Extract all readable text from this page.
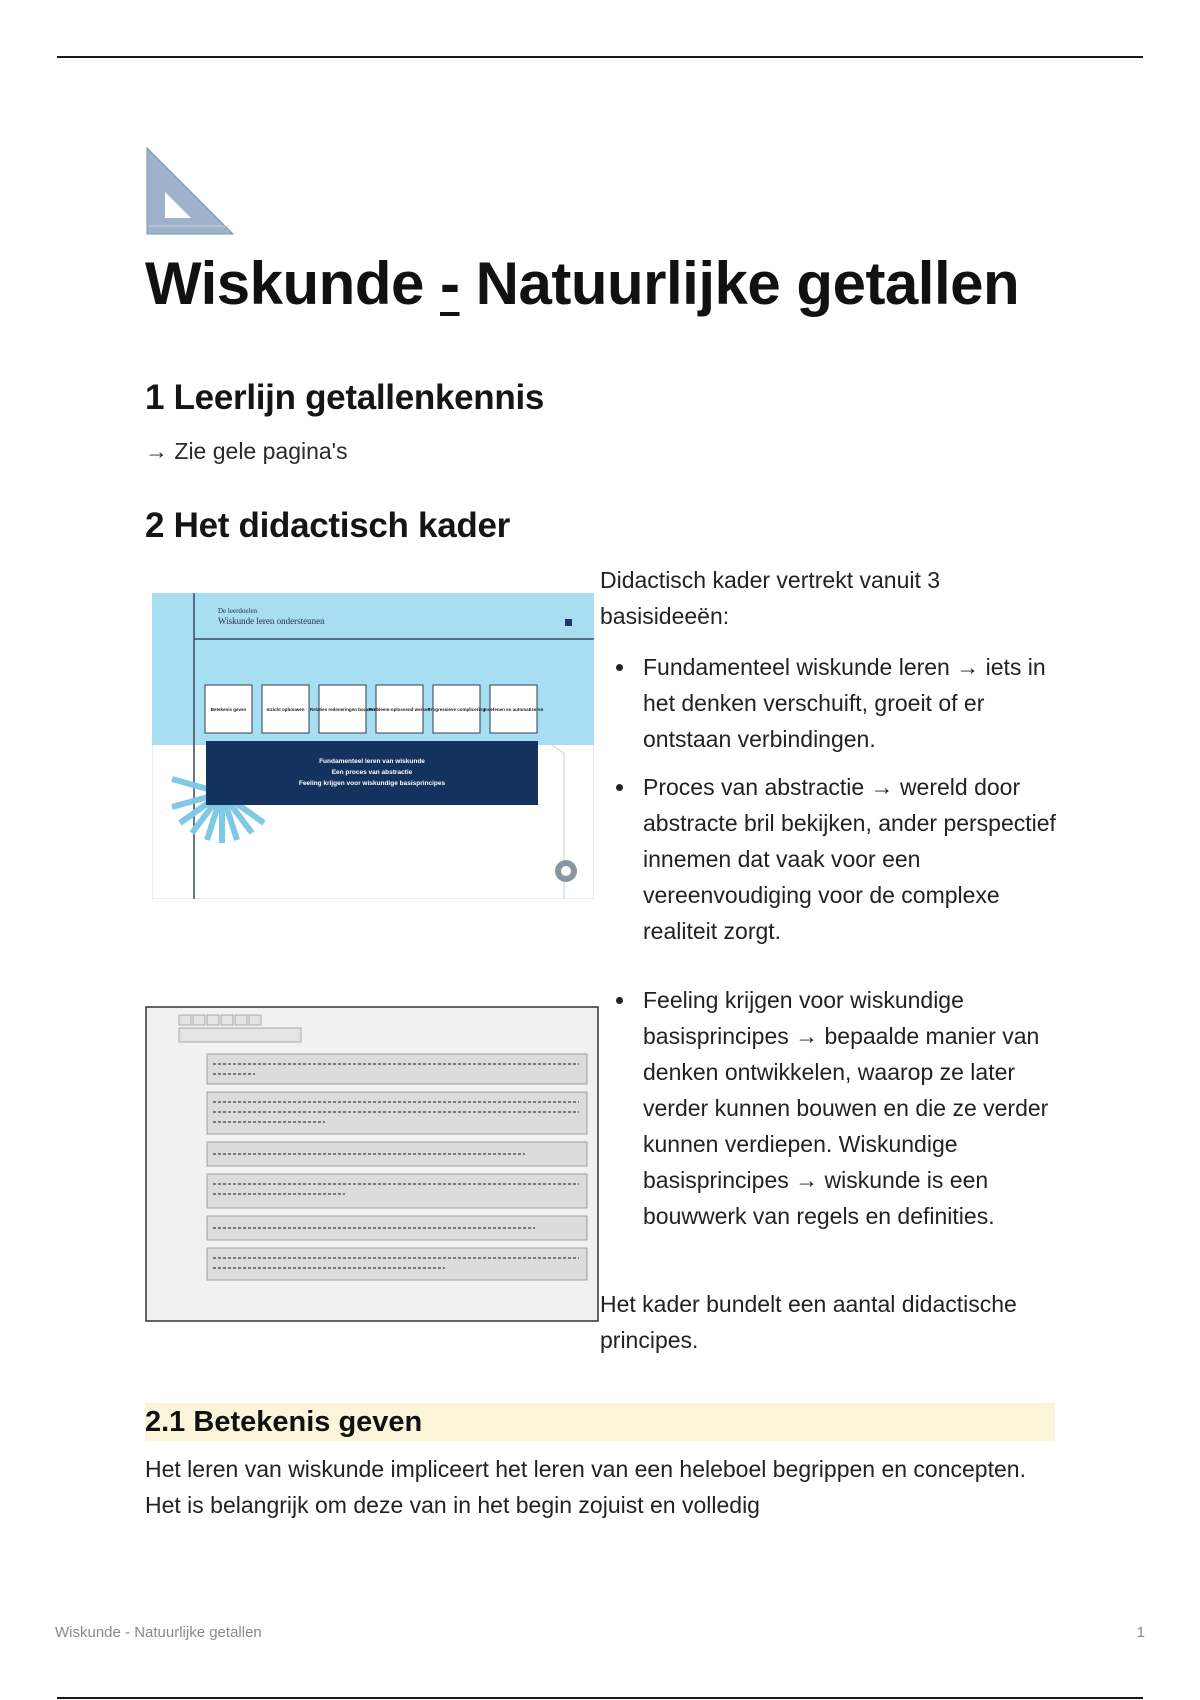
Wiskunde - Natuurlijke getallen
1 Leerlijn getallenkennis
→ Zie gele pagina's
2 Het didactisch kader
De leerdoelen
Wiskunde leren ondersteunen
Betekenis geven	Inzicht opbouwen Relaties redeneringen bouwen
Probleem-oplossend werken
Progressieve complicering
Inoefenen en automatiseren
Fundamenteel leren van wiskunde
Een proces van abstractie
Feeling krijgen voor wiskundige basisprincipes
Didactisch kader vertrekt vanuit 3 basisideeën:
Fundamenteel wiskunde leren → iets in het denken verschuift, groeit of er ontstaan verbindingen.
Proces van abstractie → wereld door abstracte bril bekijken, ander perspectief innemen dat vaak voor een vereenvoudiging voor de complexe realiteit zorgt.
Feeling krijgen voor wiskundige basisprincipes → bepaalde manier van denken ontwikkelen, waarop ze later verder kunnen bouwen en die ze verder kunnen verdiepen. Wiskundige basisprincipes → wiskunde is een bouwwerk van regels en definities.
Het kader bundelt een aantal didactische principes.
2.1 Betekenis geven
Het leren van wiskunde impliceert het leren van een heleboel begrippen en concepten. Het is belangrijk om deze van in het begin zojuist en volledig
Wiskunde - Natuurlijke getallen	1
